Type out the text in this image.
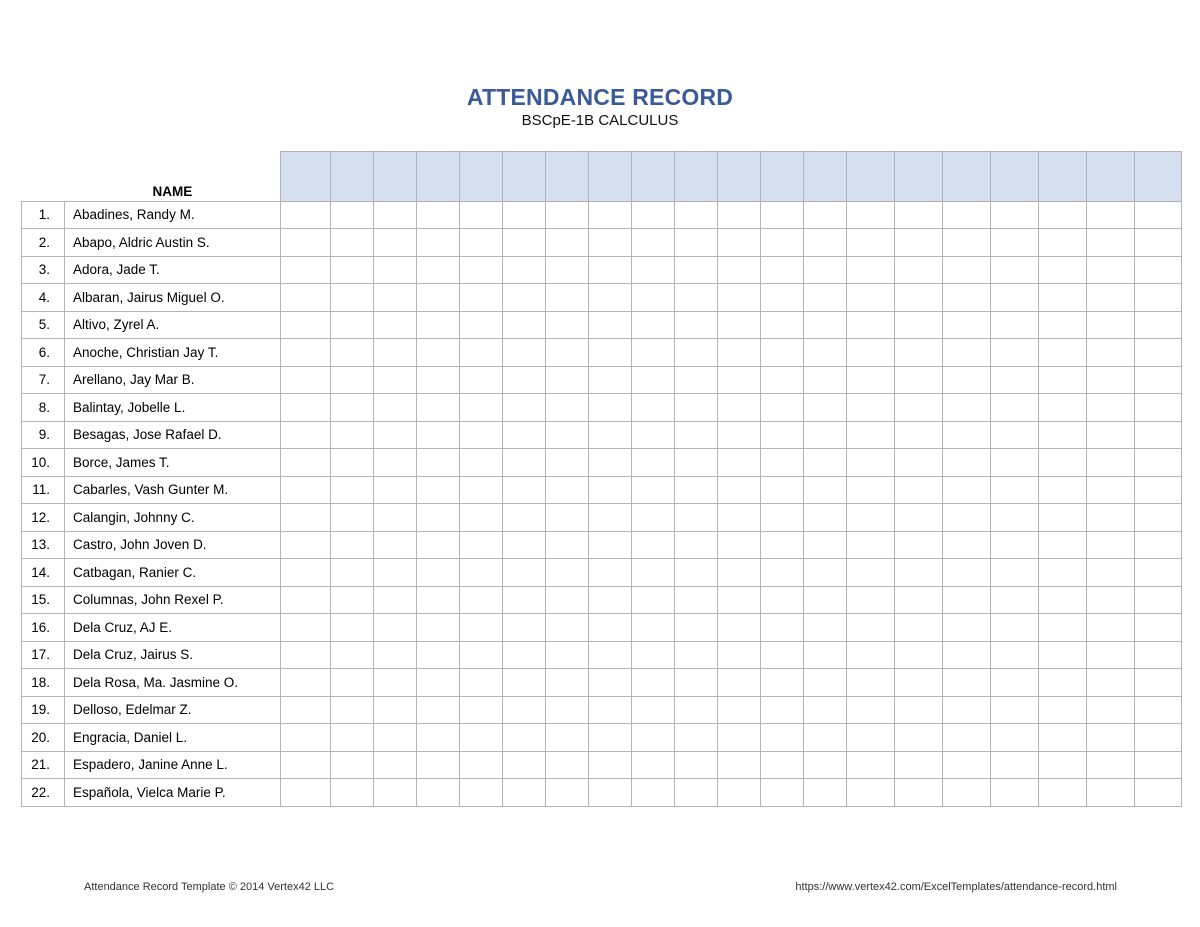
ATTENDANCE RECORD
BSCpE-1B CALCULUS
	NAME																				
1.	Abadines, Randy M.																				
2.	Abapo, Aldric Austin S.																				
3.	Adora, Jade T.																				
4.	Albaran, Jairus Miguel O.																				
5.	Altivo, Zyrel A.																				
6.	Anoche, Christian Jay T.																				
7.	Arellano, Jay Mar B.																				
8.	Balintay, Jobelle L.																				
9.	Besagas, Jose Rafael D.																				
10.	Borce, James T.																				
11.	Cabarles, Vash Gunter M.																				
12.	Calangin, Johnny C.																				
13.	Castro, John Joven D.																				
14.	Catbagan, Ranier C.																				
15.	Columnas, John Rexel P.																				
16.	Dela Cruz, AJ E.																				
17.	Dela Cruz, Jairus S.																				
18.	Dela Rosa, Ma. Jasmine O.																				
19.	Delloso, Edelmar Z.																				
20.	Engracia, Daniel L.																				
21.	Espadero, Janine Anne L.																				
22.	Española, Vielca Marie P.																				
Attendance Record Template © 2014 Vertex42 LLC	https://www.vertex42.com/ExcelTemplates/attendance-record.html
